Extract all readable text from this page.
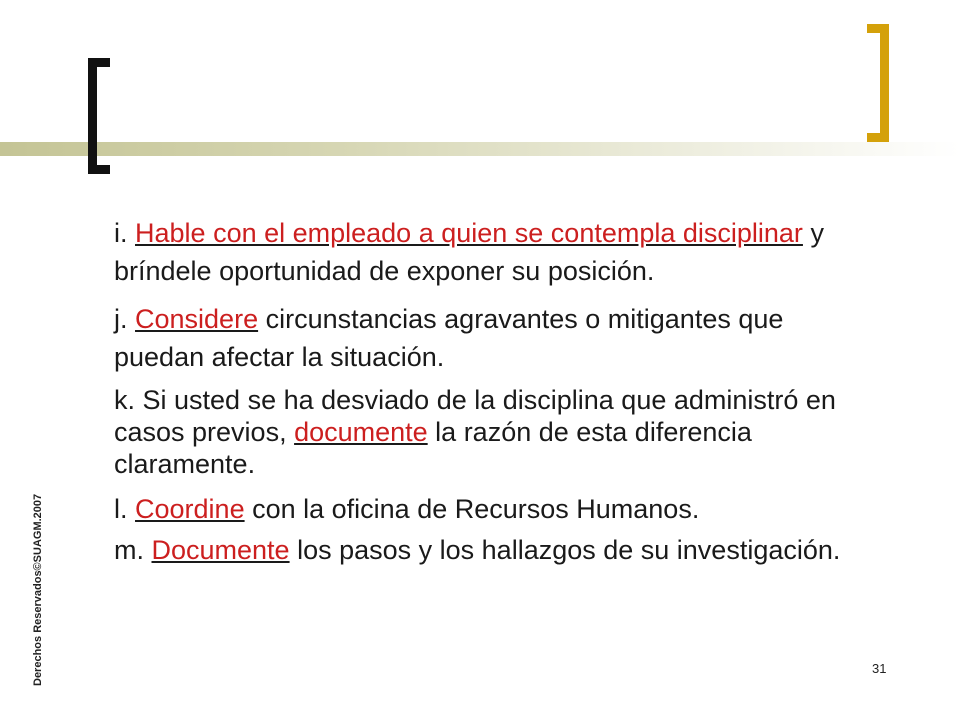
i. Hable con el empleado a quien se contempla disciplinar y bríndele oportunidad de exponer su posición.

j. Considere circunstancias agravantes o mitigantes que puedan afectar la situación.

k. Si usted se ha desviado de la disciplina que administró en casos previos, documente la razón de esta diferencia claramente.

l. Coordine con la oficina de Recursos Humanos.

m. Documente los pasos y los hallazgos de su investigación.

Derechos Reservados©SUAGM.2007	31
